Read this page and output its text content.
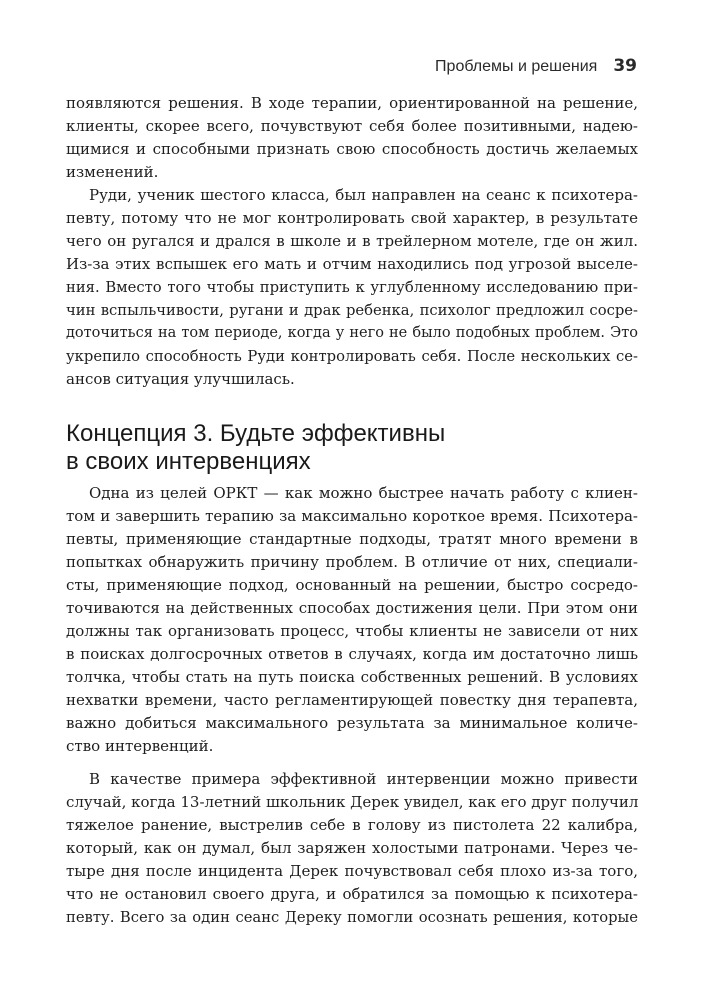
Проблемы и решения 39
появляются решения. В ходе терапии, ориентированной на решение,
клиенты, скорее всего, почувствуют себя более позитивными, надею-
щимися и способными признать свою способность достичь желаемых
изменений.
Руди, ученик шестого класса, был направлен на сеанс к психотера-
певту, потому что не мог контролировать свой характер, в результате
чего он ругался и дрался в школе и в трейлерном мотеле, где он жил.
Из-за этих вспышек его мать и отчим находились под угрозой выселе-
ния. Вместо того чтобы приступить к углубленному исследованию при-
чин вспыльчивости, ругани и драк ребенка, психолог предложил сосре-
доточиться на том периоде, когда у него не было подобных проблем. Это
укрепило способность Руди контролировать себя. После нескольких се-
ансов ситуация улучшилась.
Концепция 3. Будьте эффективны
в своих интервенциях
Одна из целей ОРКТ — как можно быстрее начать работу с клиен-
том и завершить терапию за максимально короткое время. Психотера-
певты, применяющие стандартные подходы, тратят много времени в
попытках обнаружить причину проблем. В отличие от них, специали-
сты, применяющие подход, основанный на решении, быстро сосредо-
точиваются на действенных способах достижения цели. При этом они
должны так организовать процесс, чтобы клиенты не зависели от них
в поисках долгосрочных ответов в случаях, когда им достаточно лишь
толчка, чтобы стать на путь поиска собственных решений. В условиях
нехватки времени, часто регламентирующей повестку дня терапевта,
важно добиться максимального результата за минимальное количе-
ство интервенций.
В качестве примера эффективной интервенции можно привести
случай, когда 13-летний школьник Дерек увидел, как его друг получил
тяжелое ранение, выстрелив себе в голову из пистолета 22 калибра,
который, как он думал, был заряжен холостыми патронами. Через че-
тыре дня после инцидента Дерек почувствовал себя плохо из-за того,
что не остановил своего друга, и обратился за помощью к психотера-
певту. Всего за один сеанс Дереку помогли осознать решения, которые
